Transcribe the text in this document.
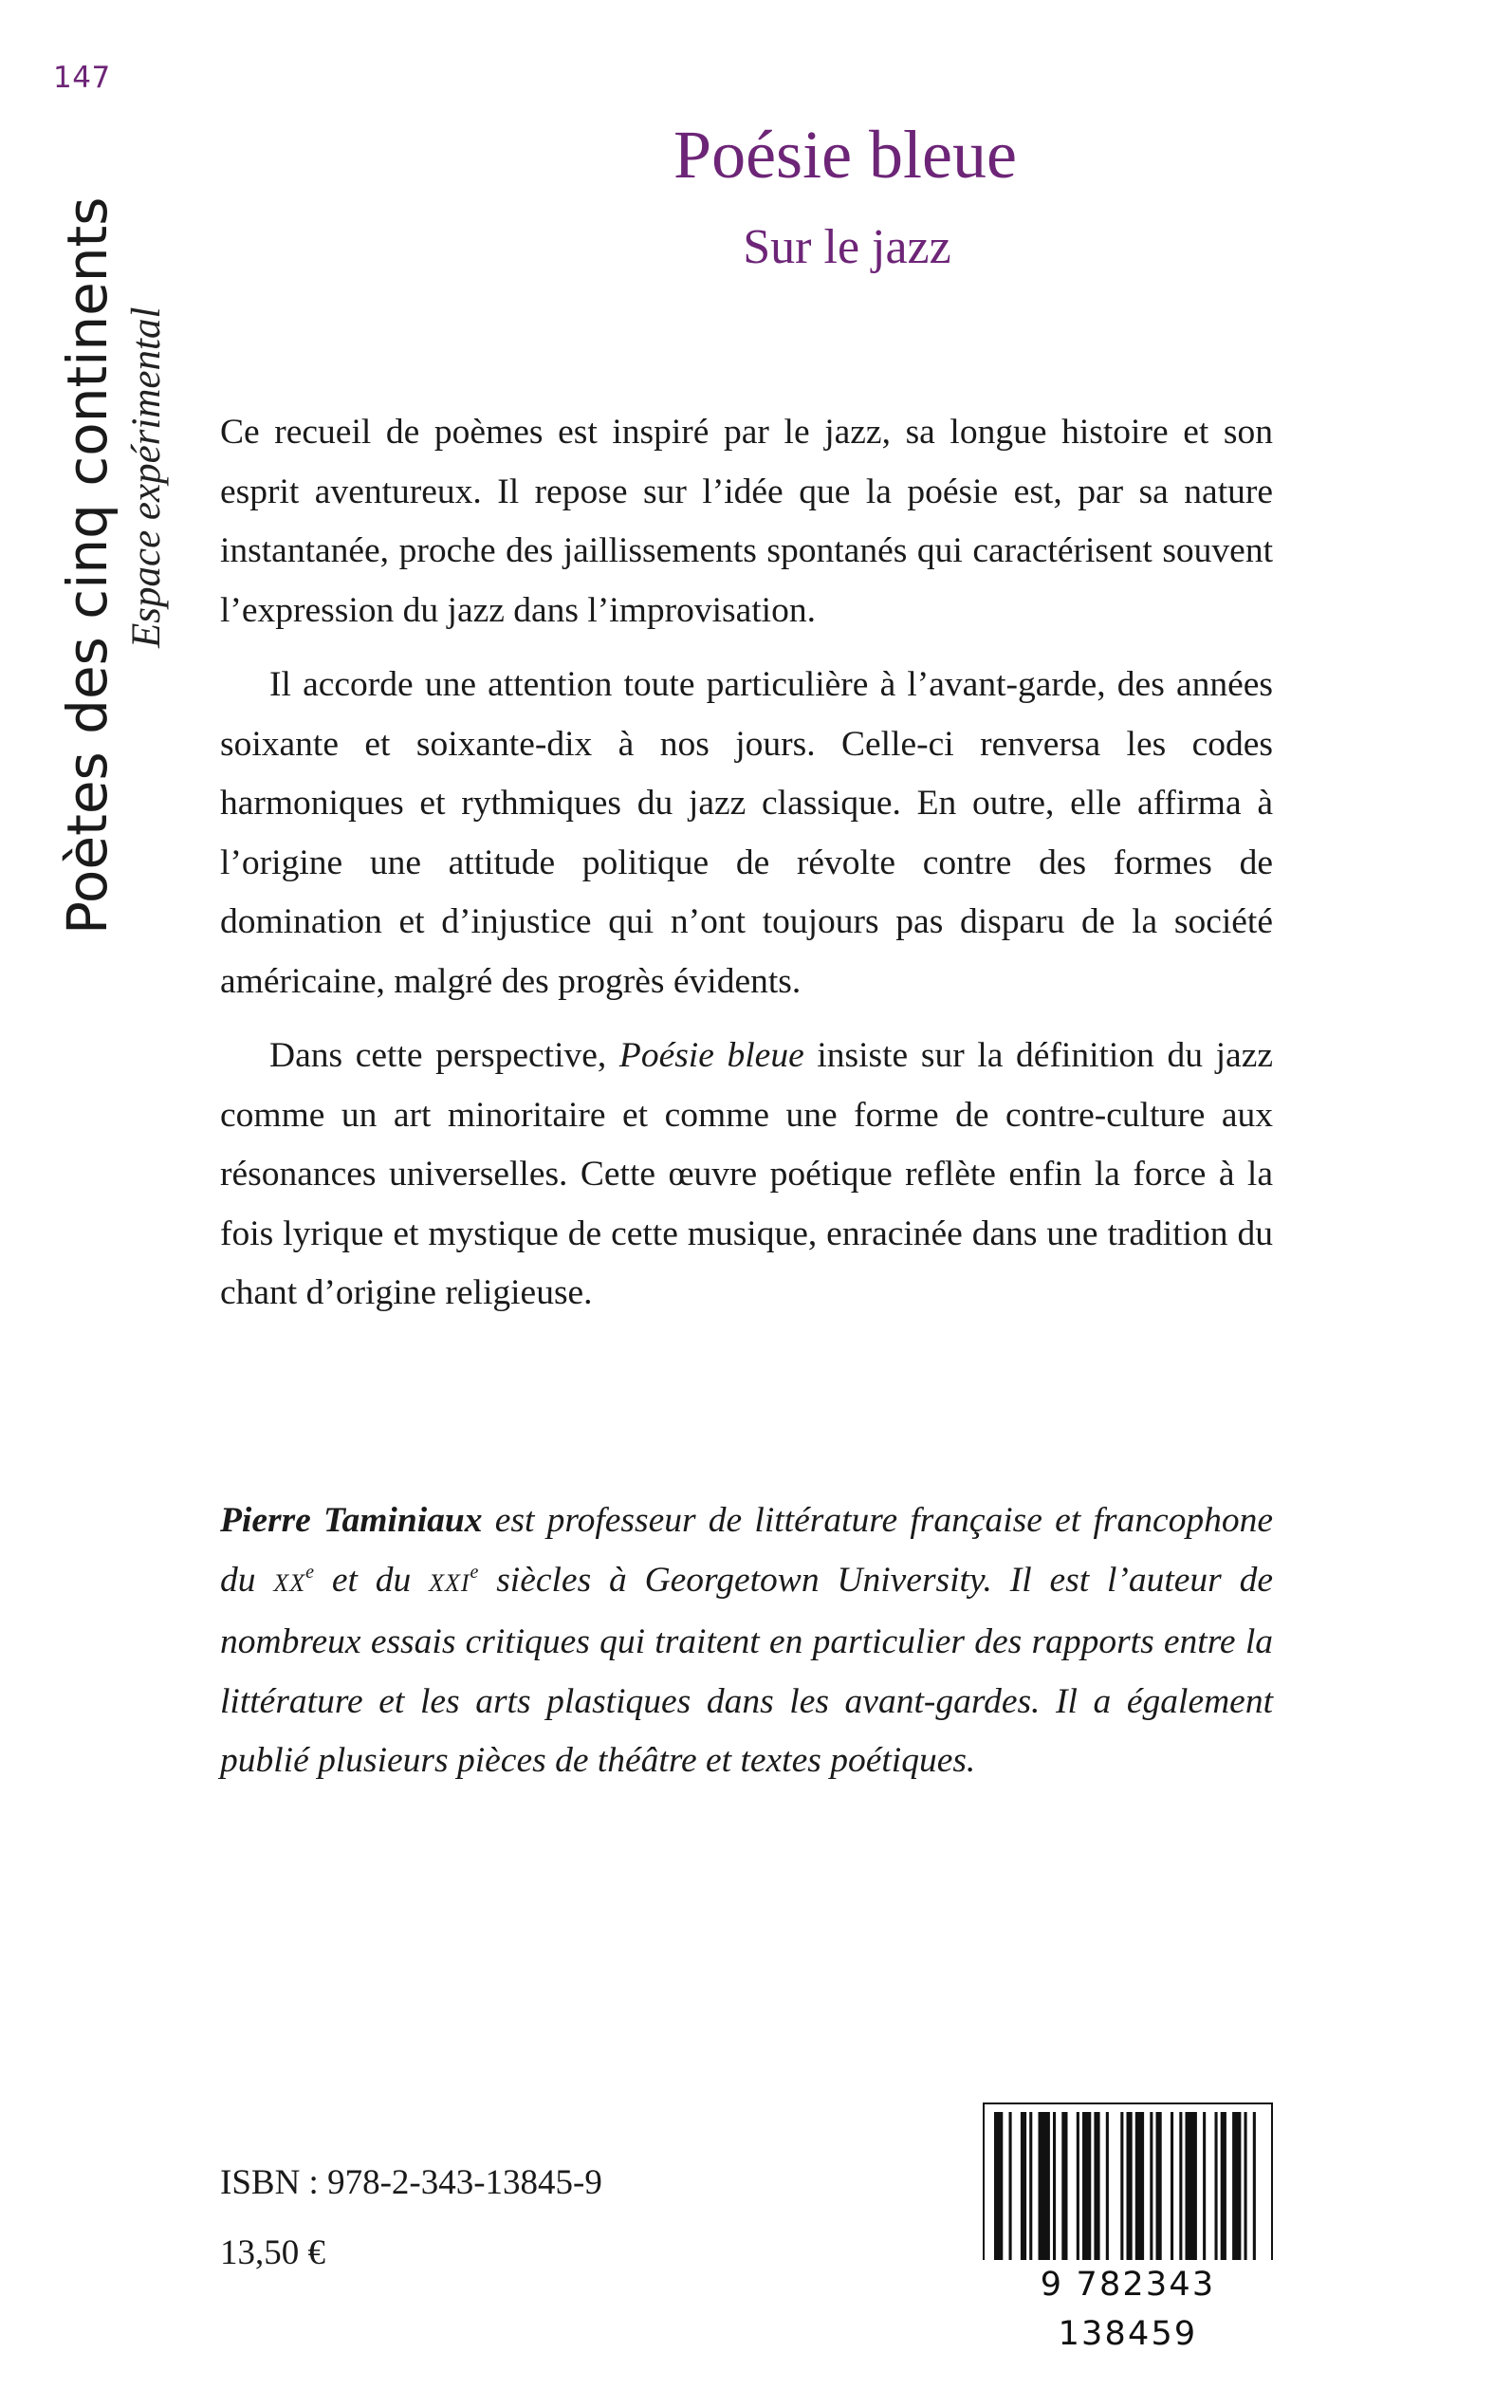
147
Poètes des cinq continents Espace expérimental
Poésie bleue
Sur le jazz

Ce recueil de poèmes est inspiré par le jazz, sa longue histoire et son esprit aventureux. Il repose sur l’idée que la poésie est, par sa nature instantanée, proche des jaillissements spontanés qui caractérisent souvent l’expression du jazz dans l’improvisation.

Il accorde une attention toute particulière à l’avant-garde, des années soixante et soixante-dix à nos jours. Celle-ci renversa les codes harmoniques et rythmiques du jazz classique. En outre, elle affirma à l’origine une attitude politique de révolte contre des formes de domination et d’injustice qui n’ont toujours pas disparu de la société américaine, malgré des progrès évidents.

Dans cette perspective, Poésie bleue insiste sur la définition du jazz comme un art minoritaire et comme une forme de contre-culture aux résonances universelles. Cette œuvre poétique reflète enfin la force à la fois lyrique et mystique de cette musique, enracinée dans une tradition du chant d’origine religieuse.

Pierre Taminiaux est professeur de littérature française et francophone du XXe et du XXIe siècles à Georgetown University. Il est l’auteur de nombreux essais critiques qui traitent en particulier des rapports entre la littérature et les arts plastiques dans les avant-gardes. Il a également publié plusieurs pièces de théâtre et textes poétiques.

ISBN : 978-2-343-13845-9
13,50 €
9 782343 138459
